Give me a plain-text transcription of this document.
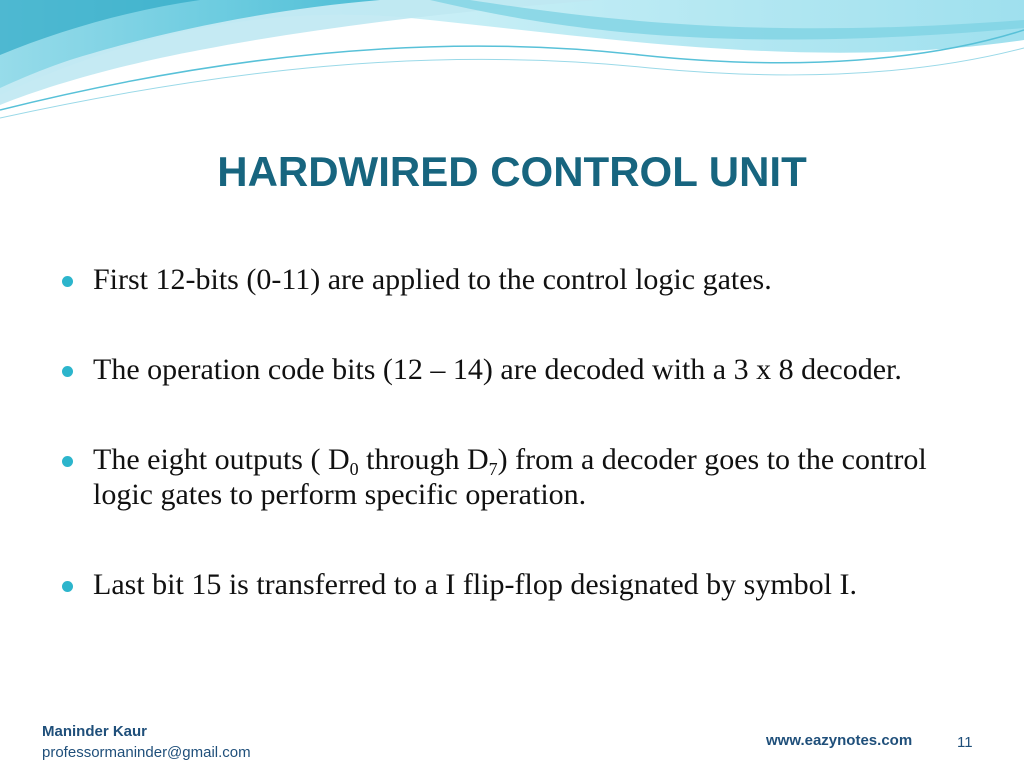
HARDWIRED CONTROL UNIT
First 12-bits (0-11) are applied to the control logic gates.
The operation code bits (12 – 14) are decoded with a 3 x 8 decoder.
The eight outputs ( $D_0$ through $D_7$) from a decoder goes to the control logic gates to perform specific operation.
Last bit 15 is transferred to a I flip-flop designated by symbol I.
Maninder Kaur
professormaninder@gmail.com
www.eazynotes.com	11
